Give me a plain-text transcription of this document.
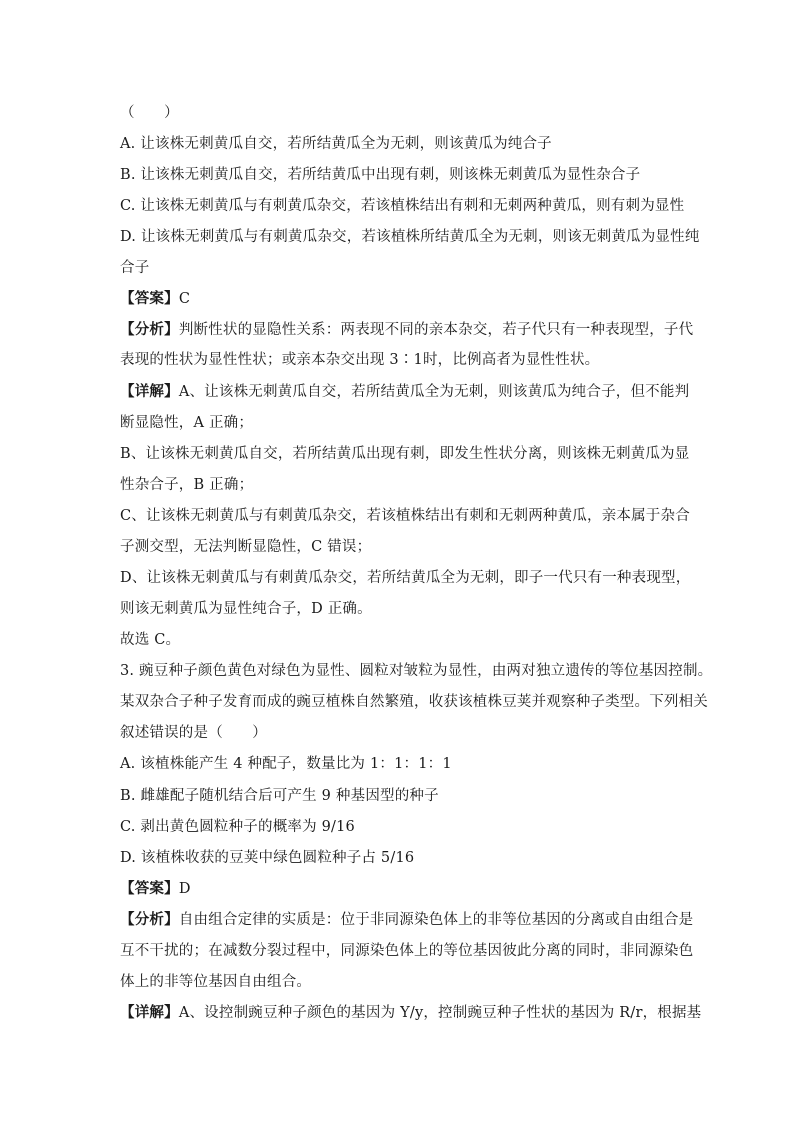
（　　）
A. 让该株无刺黄瓜自交，若所结黄瓜全为无刺，则该黄瓜为纯合子
B. 让该株无刺黄瓜自交，若所结黄瓜中出现有刺，则该株无刺黄瓜为显性杂合子
C. 让该株无刺黄瓜与有刺黄瓜杂交，若该植株结出有刺和无刺两种黄瓜，则有刺为显性
D. 让该株无刺黄瓜与有刺黄瓜杂交，若该植株所结黄瓜全为无刺，则该无刺黄瓜为显性纯
合子
【答案】C
【分析】判断性状的显隐性关系：两表现不同的亲本杂交，若子代只有一种表现型，子代
表现的性状为显性性状；或亲本杂交出现 3∶1时，比例高者为显性性状。
【详解】A、让该株无刺黄瓜自交，若所结黄瓜全为无刺，则该黄瓜为纯合子，但不能判
断显隐性，A 正确；
B、让该株无刺黄瓜自交，若所结黄瓜出现有刺，即发生性状分离，则该株无刺黄瓜为显
性杂合子，B 正确；
C、让该株无刺黄瓜与有刺黄瓜杂交，若该植株结出有刺和无刺两种黄瓜，亲本属于杂合
子测交型，无法判断显隐性，C 错误；
D、让该株无刺黄瓜与有刺黄瓜杂交，若所结黄瓜全为无刺，即子一代只有一种表现型，
则该无刺黄瓜为显性纯合子，D 正确。
故选 C。
3. 豌豆种子颜色黄色对绿色为显性、圆粒对皱粒为显性，由两对独立遗传的等位基因控制。
某双杂合子种子发育而成的豌豆植株自然繁殖，收获该植株豆荚并观察种子类型。下列相关
叙述错误的是（　　）
A. 该植株能产生 4 种配子，数量比为 1：1：1：1
B. 雌雄配子随机结合后可产生 9 种基因型的种子
C. 剥出黄色圆粒种子的概率为 9/16
D. 该植株收获的豆荚中绿色圆粒种子占 5/16
【答案】D
【分析】自由组合定律的实质是：位于非同源染色体上的非等位基因的分离或自由组合是
互不干扰的；在减数分裂过程中，同源染色体上的等位基因彼此分离的同时，非同源染色
体上的非等位基因自由组合。
【详解】A、设控制豌豆种子颜色的基因为 Y/y，控制豌豆种子性状的基因为 R/r，根据基
